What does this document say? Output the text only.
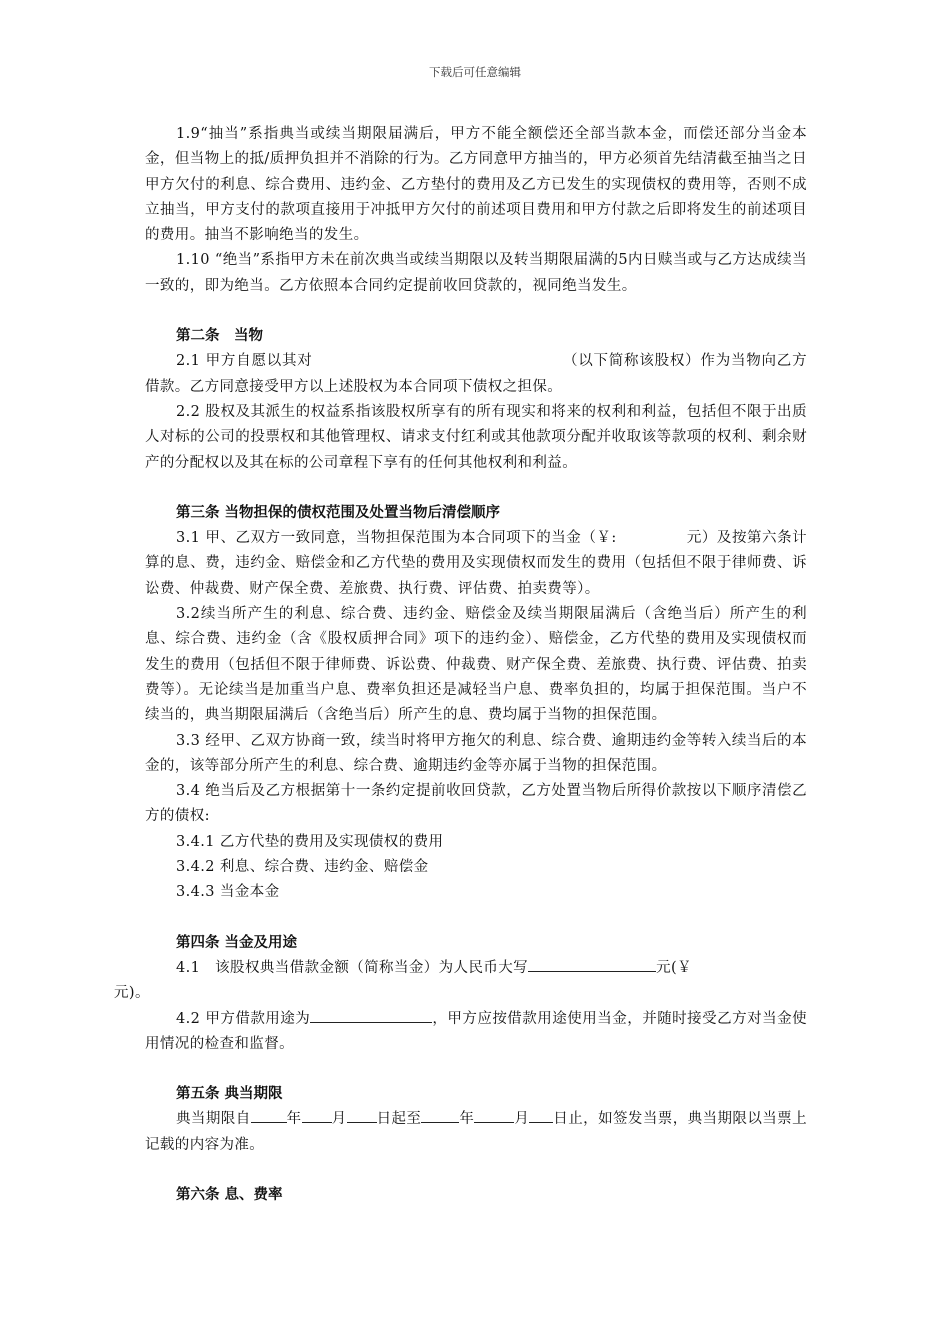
下载后可任意编辑

1.9“抽当”系指典当或续当期限届满后，甲方不能全额偿还全部当款本金，而偿还部分当金本金，但当物上的抵/质押负担并不消除的行为。乙方同意甲方抽当的，甲方必须首先结清截至抽当之日甲方欠付的利息、综合费用、违约金、乙方垫付的费用及乙方已发生的实现债权的费用等，否则不成立抽当，甲方支付的款项直接用于冲抵甲方欠付的前述项目费用和甲方付款之后即将发生的前述项目的费用。抽当不影响绝当的发生。

1.10 “绝当”系指甲方未在前次典当或续当期限以及转当期限届满的5内日赎当或与乙方达成续当一致的，即为绝当。乙方依照本合同约定提前收回贷款的，视同绝当发生。

第二条　当物

2.1 甲方自愿以其对	（以下简称该股权）作为当物向乙方借款。乙方同意接受甲方以上述股权为本合同项下债权之担保。

2.2 股权及其派生的权益系指该股权所享有的所有现实和将来的权利和利益，包括但不限于出质人对标的公司的投票权和其他管理权、请求支付红利或其他款项分配并收取该等款项的权利、剩余财产的分配权以及其在标的公司章程下享有的任何其他权利和利益。

第三条 当物担保的债权范围及处置当物后清偿顺序

3.1 甲、乙双方一致同意，当物担保范围为本合同项下的当金（￥:	元）及按第六条计算的息、费，违约金、赔偿金和乙方代垫的费用及实现债权而发生的费用（包括但不限于律师费、诉讼费、仲裁费、财产保全费、差旅费、执行费、评估费、拍卖费等）。

3.2续当所产生的利息、综合费、违约金、赔偿金及续当期限届满后（含绝当后）所产生的利息、综合费、违约金（含《股权质押合同》项下的违约金）、赔偿金，乙方代垫的费用及实现债权而发生的费用（包括但不限于律师费、诉讼费、仲裁费、财产保全费、差旅费、执行费、评估费、拍卖费等）。无论续当是加重当户息、费率负担还是减轻当户息、费率负担的，均属于担保范围。当户不续当的，典当期限届满后（含绝当后）所产生的息、费均属于当物的担保范围。

3.3 经甲、乙双方协商一致，续当时将甲方拖欠的利息、综合费、逾期违约金等转入续当后的本金的，该等部分所产生的利息、综合费、逾期违约金等亦属于当物的担保范围。

3.4 绝当后及乙方根据第十一条约定提前收回贷款，乙方处置当物后所得价款按以下顺序清偿乙方的债权:

3.4.1 乙方代垫的费用及实现债权的费用

3.4.2 利息、综合费、违约金、赔偿金

3.4.3 当金本金

第四条 当金及用途

4.1　该股权典当借款金额（简称当金）为人民币大写	元(￥
元)。

4.2 甲方借款用途为	，甲方应按借款用途使用当金，并随时接受乙方对当金使用情况的检查和监督。

第五条 典当期限

典当期限自 年 月 日起至	年	月 日止，如签发当票，典当期限以当票上记载的内容为准。

第六条 息、费率
